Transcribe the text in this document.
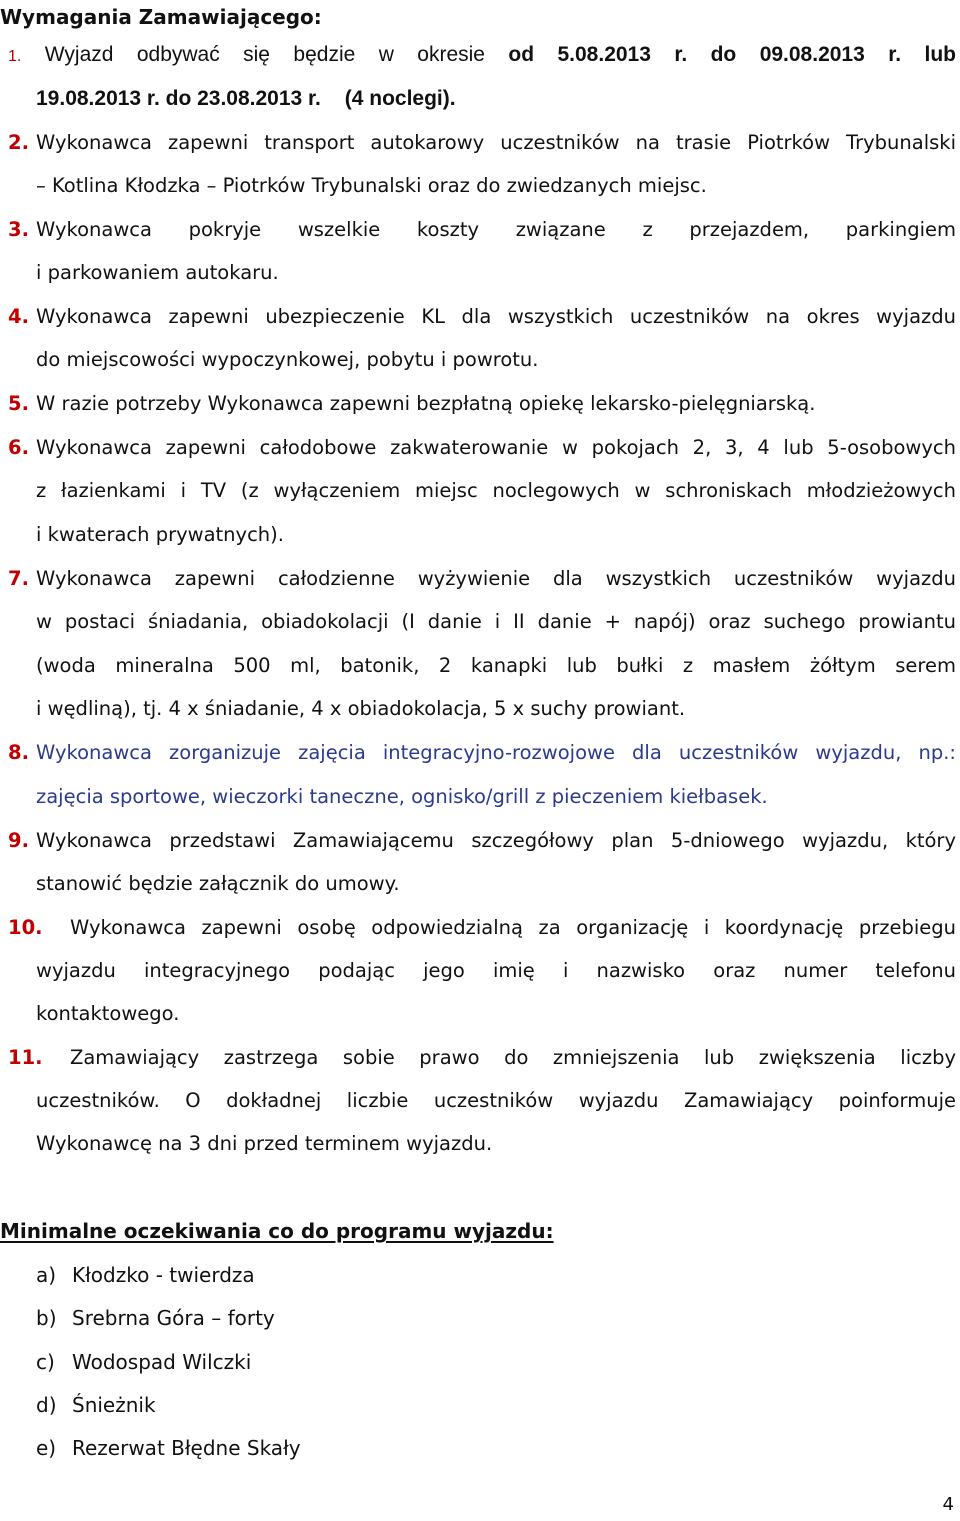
Wymagania Zamawiającego:
1. Wyjazd odbywać się będzie w okresie od 5.08.2013 r. do 09.08.2013 r. lub
19.08.2013 r. do 23.08.2013 r. (4 noclegi).
2. Wykonawca zapewni transport autokarowy uczestników na trasie Piotrków Trybunalski
– Kotlina Kłodzka – Piotrków Trybunalski oraz do zwiedzanych miejsc.
3. Wykonawca pokryje wszelkie koszty związane z przejazdem, parkingiem
i parkowaniem autokaru.
4. Wykonawca zapewni ubezpieczenie KL dla wszystkich uczestników na okres wyjazdu
do miejscowości wypoczynkowej, pobytu i powrotu.
5. W razie potrzeby Wykonawca zapewni bezpłatną opiekę lekarsko-pielęgniarską.
6. Wykonawca zapewni całodobowe zakwaterowanie w pokojach 2, 3, 4 lub 5-osobowych
z łazienkami i TV (z wyłączeniem miejsc noclegowych w schroniskach młodzieżowych
i kwaterach prywatnych).
7. Wykonawca zapewni całodzienne wyżywienie dla wszystkich uczestników wyjazdu
w postaci śniadania, obiadokolacji (I danie i II danie + napój) oraz suchego prowiantu
(woda mineralna 500 ml, batonik, 2 kanapki lub bułki z masłem żółtym serem
i wędliną), tj. 4 x śniadanie, 4 x obiadokolacja, 5 x suchy prowiant.
8. Wykonawca zorganizuje zajęcia integracyjno-rozwojowe dla uczestników wyjazdu, np.:
zajęcia sportowe, wieczorki taneczne, ognisko/grill z pieczeniem kiełbasek.
9. Wykonawca przedstawi Zamawiającemu szczegółowy plan 5-dniowego wyjazdu, który
stanowić będzie załącznik do umowy.
10. Wykonawca zapewni osobę odpowiedzialną za organizację i koordynację przebiegu
wyjazdu integracyjnego podając jego imię i nazwisko oraz numer telefonu
kontaktowego.
11. Zamawiający zastrzega sobie prawo do zmniejszenia lub zwiększenia liczby
uczestników. O dokładnej liczbie uczestników wyjazdu Zamawiający poinformuje
Wykonawcę na 3 dni przed terminem wyjazdu.
Minimalne oczekiwania co do programu wyjazdu:
a) Kłodzko - twierdza
b) Srebrna Góra – forty
c) Wodospad Wilczki
d) Śnieżnik
e) Rezerwat Błędne Skały
4
